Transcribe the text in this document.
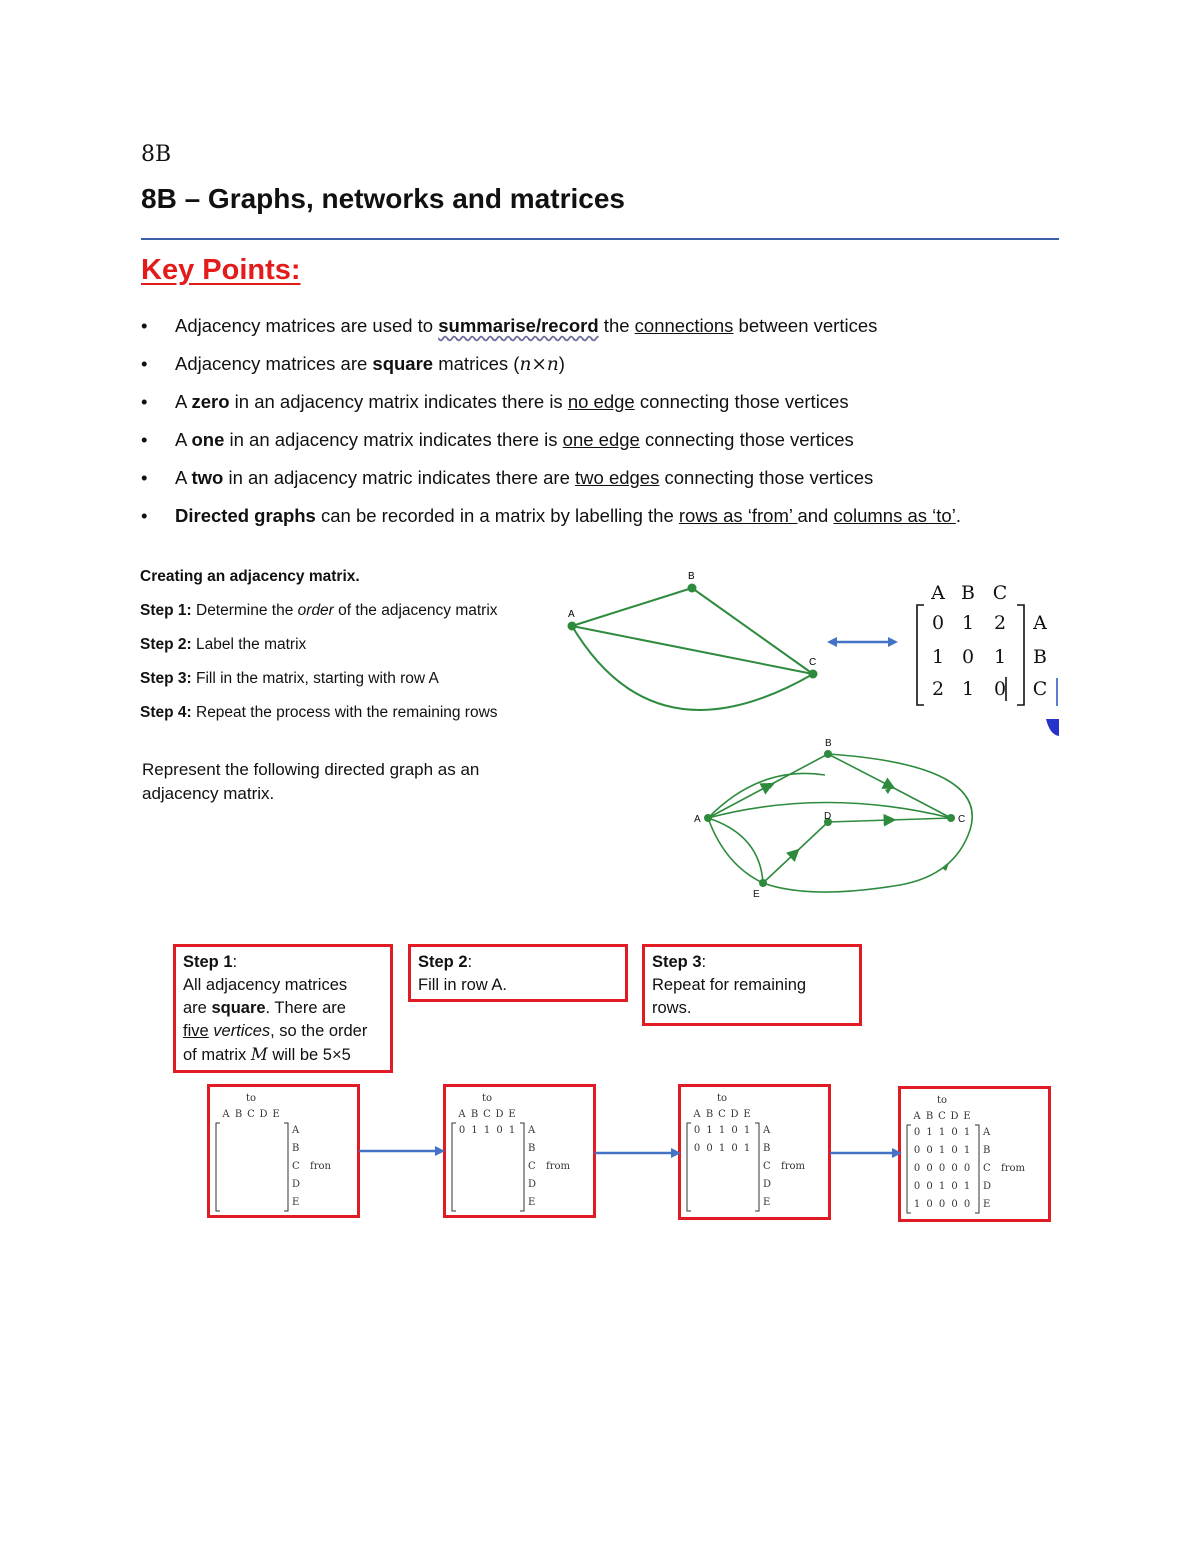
8B
8B – Graphs, networks and matrices
Key Points:
• Adjacency matrices are used to summarise/record the connections between vertices
• Adjacency matrices are square matrices (n×n)
• A zero in an adjacency matrix indicates there is no edge connecting those vertices
• A one in an adjacency matrix indicates there is one edge connecting those vertices
• A two in an adjacency matric indicates there are two edges connecting those vertices
• Directed graphs can be recorded in a matrix by labelling the rows as ‘from’ and columns as ‘to’.
Creating an adjacency matrix.
Step 1: Determine the order of the adjacency matrix
Step 2: Label the matrix
Step 3: Fill in the matrix, starting with row A
Step 4: Repeat the process with the remaining rows
A
B
C
A B C
0 1 2
1 0 1
2 1 0
A
B
C
Represent the following directed graph as an adjacency matrix.
A
B
C
D
E
Step 1:
All adjacency matrices
are square. There are
five vertices, so the order
of matrix M will be 5×5
Step 2:
Fill in row A.
Step 3:
Repeat for remaining rows.
to
A B C D E
A
B
C
D
E
fron
to
A B C D E
0 1 1 0 1 A
B
C
D
E
from
to
A B C D E
0 1 1 0 1
0 0 1 0 1
A
B
C
D
E
from
to
A B C D E
0 1 1 0 1
0 0 1 0 1
0 0 0 0 0
0 0 1 0 1
1 0 0 0 0
A
B
C
D
E
from
